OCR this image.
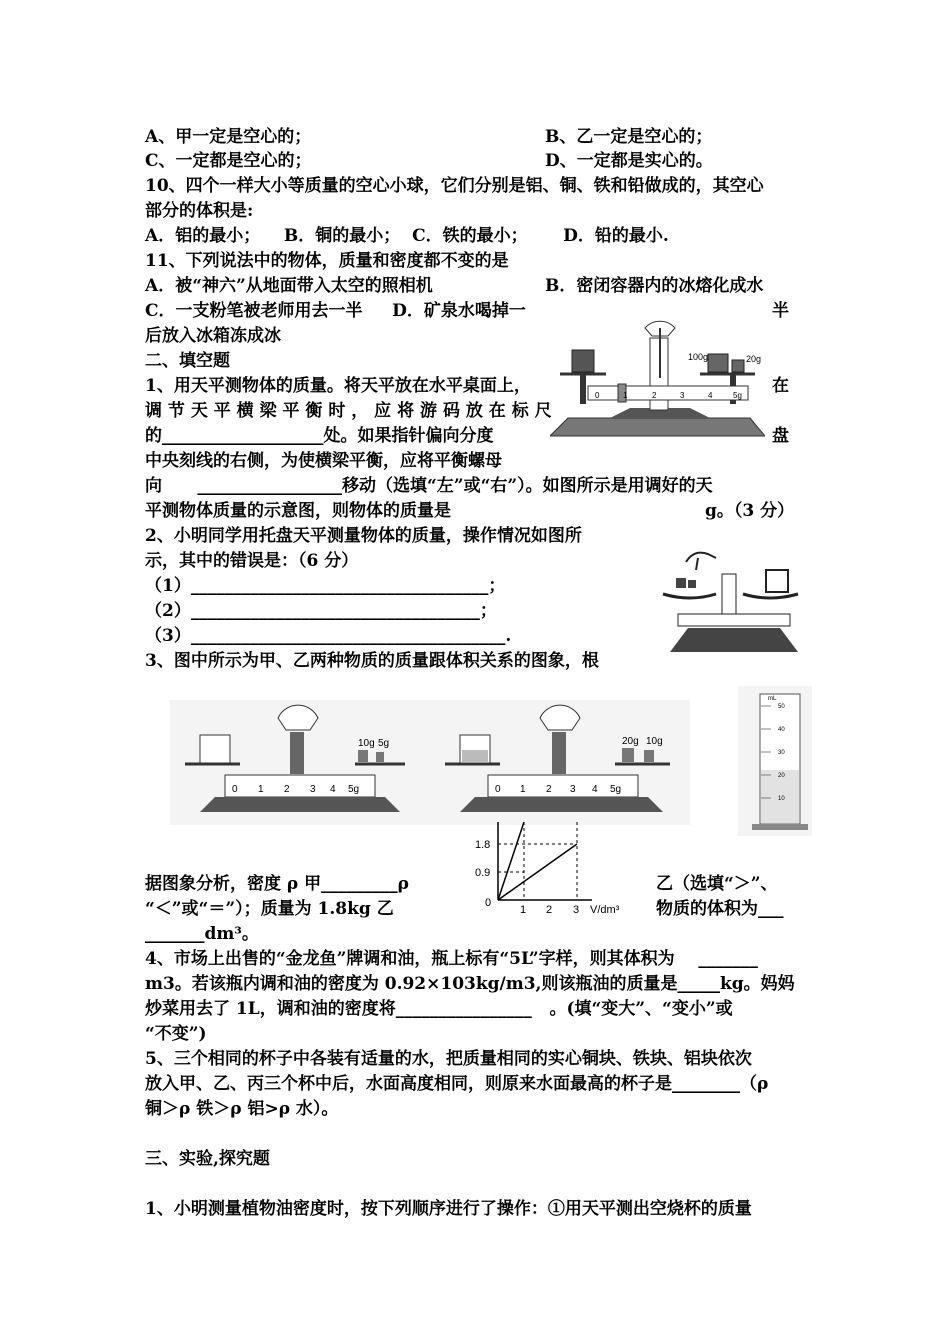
A、甲一定是空心的；	B、乙一定是空心的；
C、一定都是空心的；	D、一定都是实心的。
10、四个一样大小等质量的空心小球，它们分别是铝、铜、铁和铅做成的，其空心
部分的体积是:
A．铝的最小；    B．铜的最小；  C．铁的最小；      D．铅的最小.
11、下列说法中的物体，质量和密度都不变的是
A．被“神六”从地面带入太空的照相机	B．密闭容器内的冰熔化成水
C．一支粉笔被老师用去一半     D．矿泉水喝掉一	半
后放入冰箱冻成冰
二、填空题
1、用天平测物体的质量。将天平放在水平桌面上，	在
调 节 天 平 横 梁 平 衡 时 ， 应 将 游 码 放 在 标 尺
的___________________处。如果指针偏向分度	盘
中央刻线的右侧，为使横梁平衡，应将平衡螺母
向      _________________移动（选填“左”或“右”）。如图所示是用调好的天
平测物体质量的示意图，则物体的质量是	g。（3 分）
2、小明同学用托盘天平测量物体的质量，操作情况如图所
示，其中的错误是：（6 分）
（1）___________________________________；
（2）__________________________________；
（3）_____________________________________.
3、图中所示为甲、乙两种物质的质量跟体积关系的图象，根
据图象分析，密度 ρ 甲_________ρ	乙（选填“＞”、
“＜”或“＝”）；质量为 1.8kg 乙	物质的体积为___
_______dm³。
4、市场上出售的“金龙鱼”牌调和油，瓶上标有“5L”字样，则其体积为    _______
m3。若该瓶内调和油的密度为 0.92×103kg/m3,则该瓶油的质量是_____kg。妈妈
炒菜用去了 1L，调和油的密度将________________   。(填“变大”、“变小”或
“不变”)
5、三个相同的杯子中各装有适量的水，把质量相同的实心铜块、铁块、铝块依次
放入甲、乙、丙三个杯中后，水面高度相同，则原来水面最高的杯子是________（ρ
铜＞ρ 铁＞ρ 铝>ρ 水）。
三、实验,探究题
1、小明测量植物油密度时，按下列顺序进行了操作：①用天平测出空烧杯的质量
100g	20g
0	1	2	3	4	5g
10g 5g
0 1 2 3 4 5g
20g 10g
0 1 2 3 4 5g
mL
50
40
30
20
10
1.8
0.9
0
1 2 3 V/dm³
